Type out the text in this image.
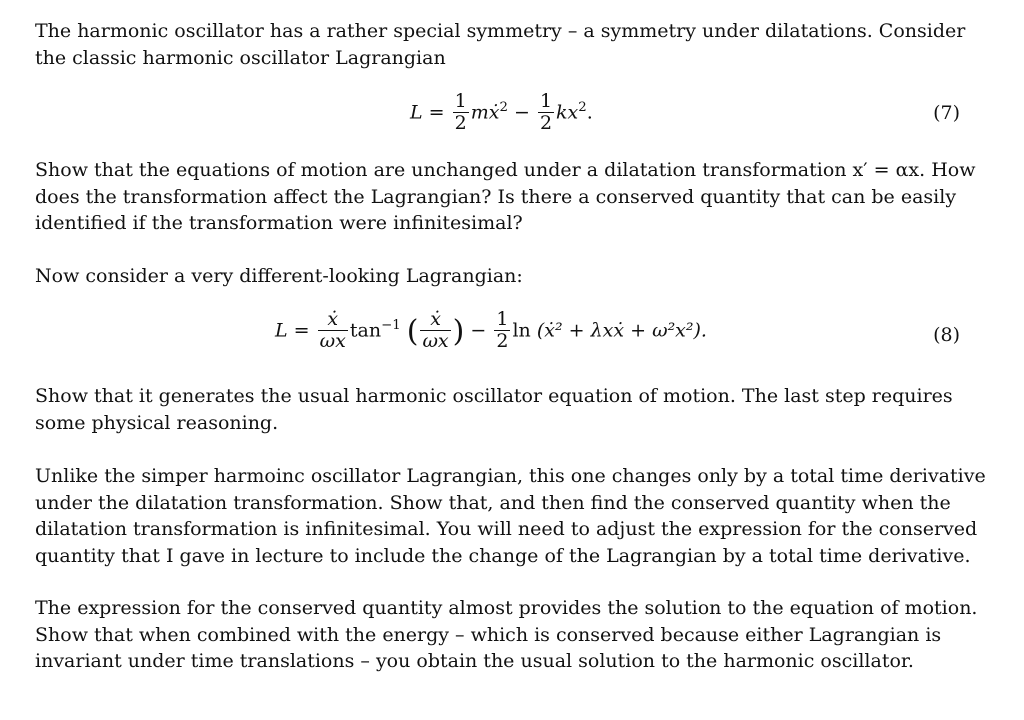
The harmonic oscillator has a rather special symmetry – a symmetry under dilatations. Consider
the classic harmonic oscillator Lagrangian

$L = \frac{1}{2}$ mẋ$^2$ − $\frac{1}{2} kx^2$.	(7)

Show that the equations of motion are unchanged under a dilatation transformation x′ = αx. How
does the transformation affect the Lagrangian? Is there a conserved quantity that can be easily
identified if the transformation were infinitesimal?

Now consider a very different-looking Lagrangian:

$L = \frac{\text{ẋ}}{\omega x} \tan^{-1}$ ( $\frac{\text{ẋ}}{\omega x}$ ) − $\frac{1}{2}$ ln (ẋ² + λxẋ + ω²x²).	(8)

Show that it generates the usual harmonic oscillator equation of motion. The last step requires
some physical reasoning.

Unlike the simper harmoinc oscillator Lagrangian, this one changes only by a total time derivative
under the dilatation transformation. Show that, and then find the conserved quantity when the
dilatation transformation is infinitesimal. You will need to adjust the expression for the conserved
quantity that I gave in lecture to include the change of the Lagrangian by a total time derivative.

The expression for the conserved quantity almost provides the solution to the equation of motion.
Show that when combined with the energy – which is conserved because either Lagrangian is
invariant under time translations – you obtain the usual solution to the harmonic oscillator.
